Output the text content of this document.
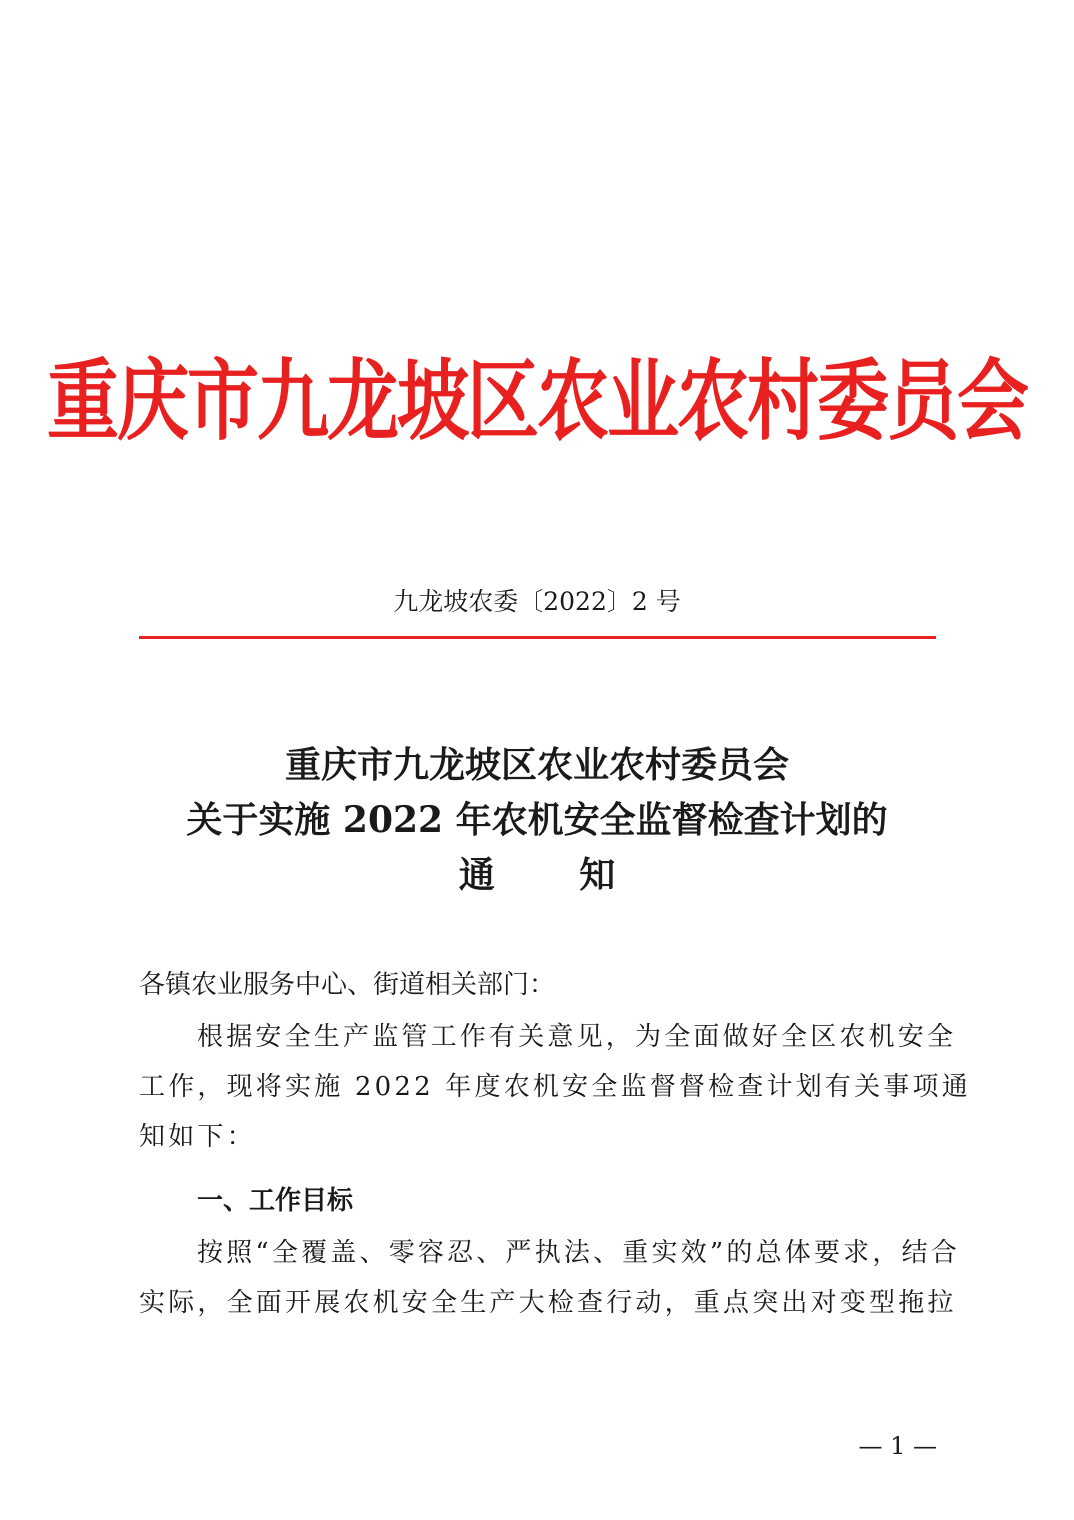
重庆市九龙坡区农业农村委员会
九龙坡农委〔2022〕2 号
重庆市九龙坡区农业农村委员会
关于实施 2022 年农机安全监督检查计划的
通 知
各镇农业服务中心、街道相关部门：
根据安全生产监管工作有关意见，为全面做好全区农机安全
工作，现将实施 2022 年度农机安全监督督检查计划有关事项通
知如下：
一、工作目标
按照“全覆盖、零容忍、严执法、重实效”的总体要求，结合
实际，全面开展农机安全生产大检查行动，重点突出对变型拖拉
— 1 —
